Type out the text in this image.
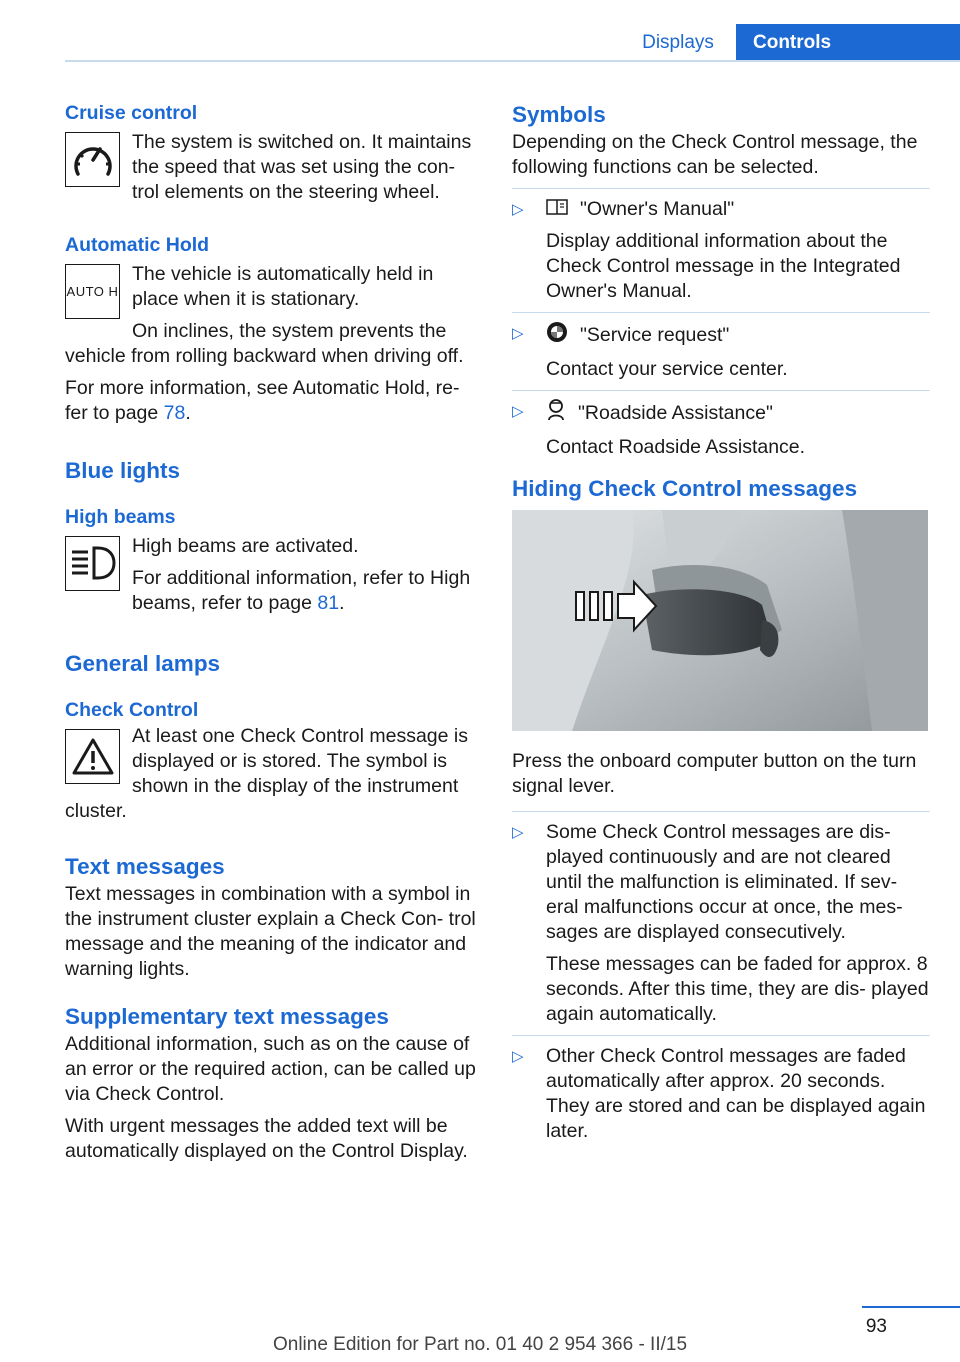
Displays	Controls
Cruise control
The system is switched on. It maintains the speed that was set using the con‐ trol elements on the steering wheel.
Automatic Hold
AUTO H
The vehicle is automatically held in place when it is stationary.
On inclines, the system prevents the vehicle from rolling backward when driving off.
For more information, see Automatic Hold, re‐ fer to page 78.
Blue lights
High beams
High beams are activated.
For additional information, refer to High beams, refer to page 81.
General lamps
Check Control
At least one Check Control message is displayed or is stored. The symbol is shown in the display of the instrument cluster.
Text messages
Text messages in combination with a symbol in the instrument cluster explain a Check Con‐ trol message and the meaning of the indicator and warning lights.
Supplementary text messages
Additional information, such as on the cause of an error or the required action, can be called up via Check Control.
With urgent messages the added text will be automatically displayed on the Control Display.
Symbols
Depending on the Check Control message, the following functions can be selected.
▷	"Owner's Manual"
Display additional information about the Check Control message in the Integrated Owner's Manual.
▷	"Service request"
Contact your service center.
▷	"Roadside Assistance"
Contact Roadside Assistance.
Hiding Check Control messages
Press the onboard computer button on the turn signal lever.
▷ Some Check Control messages are dis‐ played continuously and are not cleared until the malfunction is eliminated. If sev‐ eral malfunctions occur at once, the mes‐ sages are displayed consecutively.
These messages can be faded for approx. 8 seconds. After this time, they are dis‐ played again automatically.
▷ Other Check Control messages are faded automatically after approx. 20 seconds. They are stored and can be displayed again later.
93
Online Edition for Part no. 01 40 2 954 366 - II/15
